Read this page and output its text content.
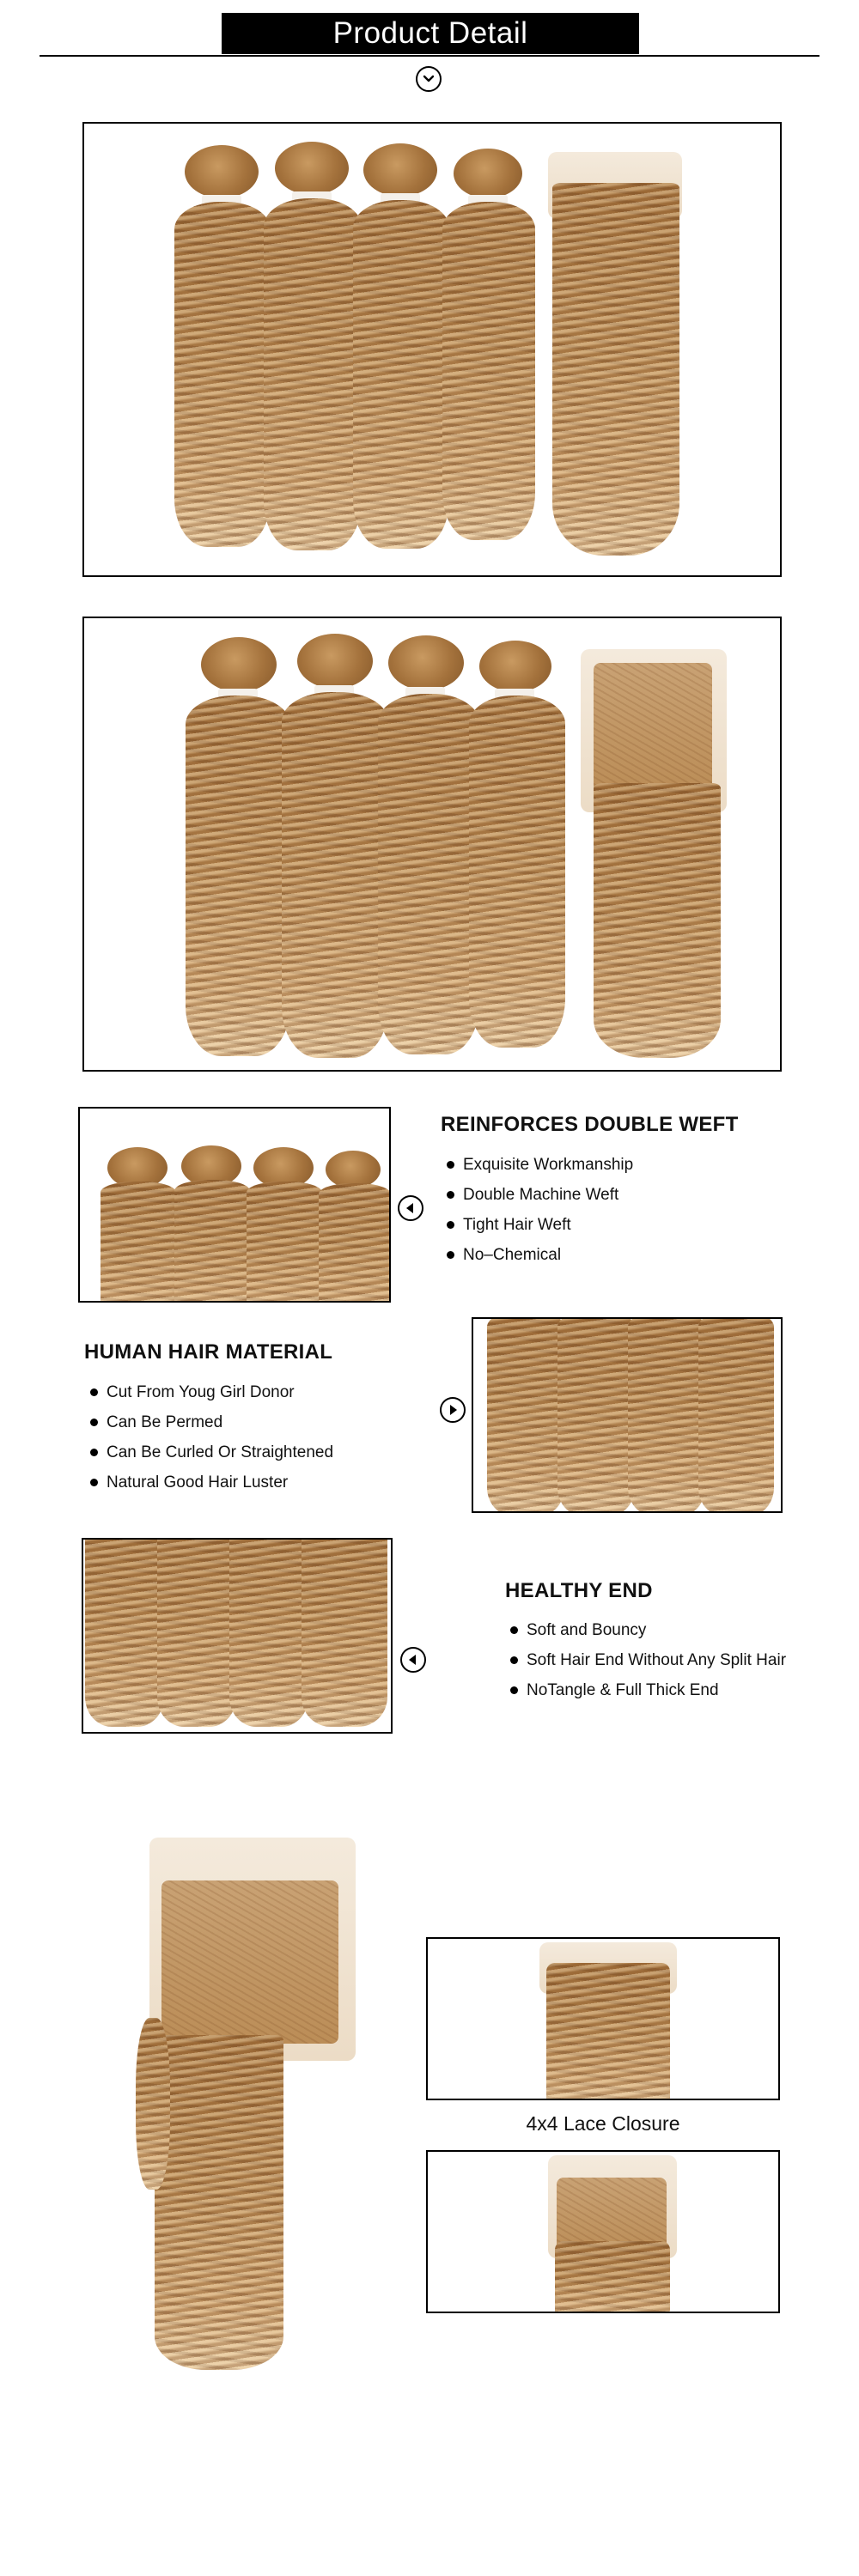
Product Detail
REINFORCES DOUBLE WEFT
Exquisite Workmanship
Double Machine Weft
Tight Hair Weft
No–Chemical
HUMAN HAIR MATERIAL
Cut From Youg Girl Donor
Can Be Permed
Can Be Curled Or Straightened
Natural Good Hair Luster
HEALTHY END
Soft and Bouncy
Soft Hair End Without Any Split Hair
NoTangle & Full Thick End
4x4 Lace Closure
